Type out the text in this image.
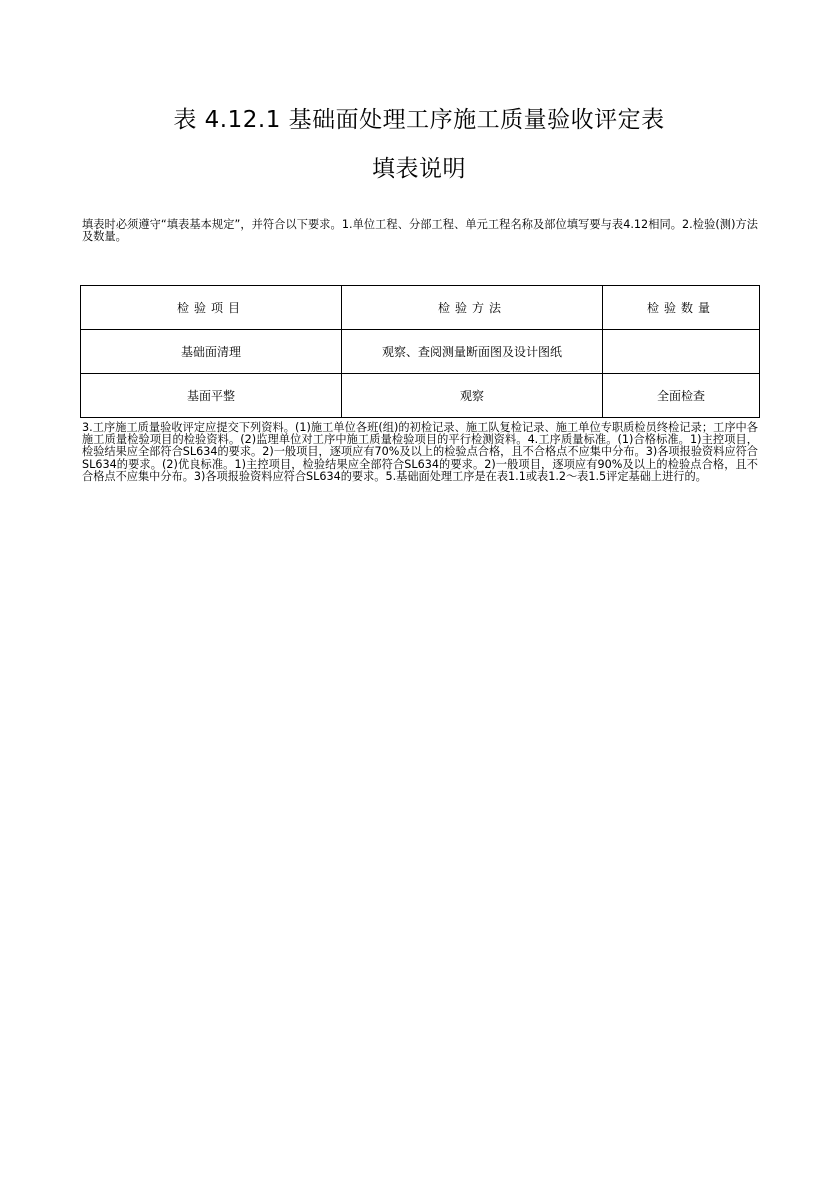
表 4.12.1 基础面处理工序施工质量验收评定表
填表说明

填表时必须遵守“填表基本规定”，并符合以下要求。1.单位工程、分部工程、单元工程名称及部位填写要与表4.12相同。2.检验(测)方法及数量。

检验项目	检验方法	检验数量
基础面清理	观察、查阅测量断面图及设计图纸	
基面平整	观察	全面检查

3.工序施工质量验收评定应提交下列资料。(1)施工单位各班(组)的初检记录、施工队复检记录、施工单位专职质检员终检记录；工序中各施工质量检验项目的检验资料。(2)监理单位对工序中施工质量检验项目的平行检测资料。4.工序质量标准。(1)合格标准。1)主控项目，检验结果应全部符合SL634的要求。2)一般项目，逐项应有70%及以上的检验点合格，且不合格点不应集中分布。3)各项报验资料应符合SL634的要求。(2)优良标准。1)主控项目，检验结果应全部符合SL634的要求。2)一般项目，逐项应有90%及以上的检验点合格，且不合格点不应集中分布。3)各项报验资料应符合SL634的要求。5.基础面处理工序是在表1.1或表1.2～表1.5评定基础上进行的。
